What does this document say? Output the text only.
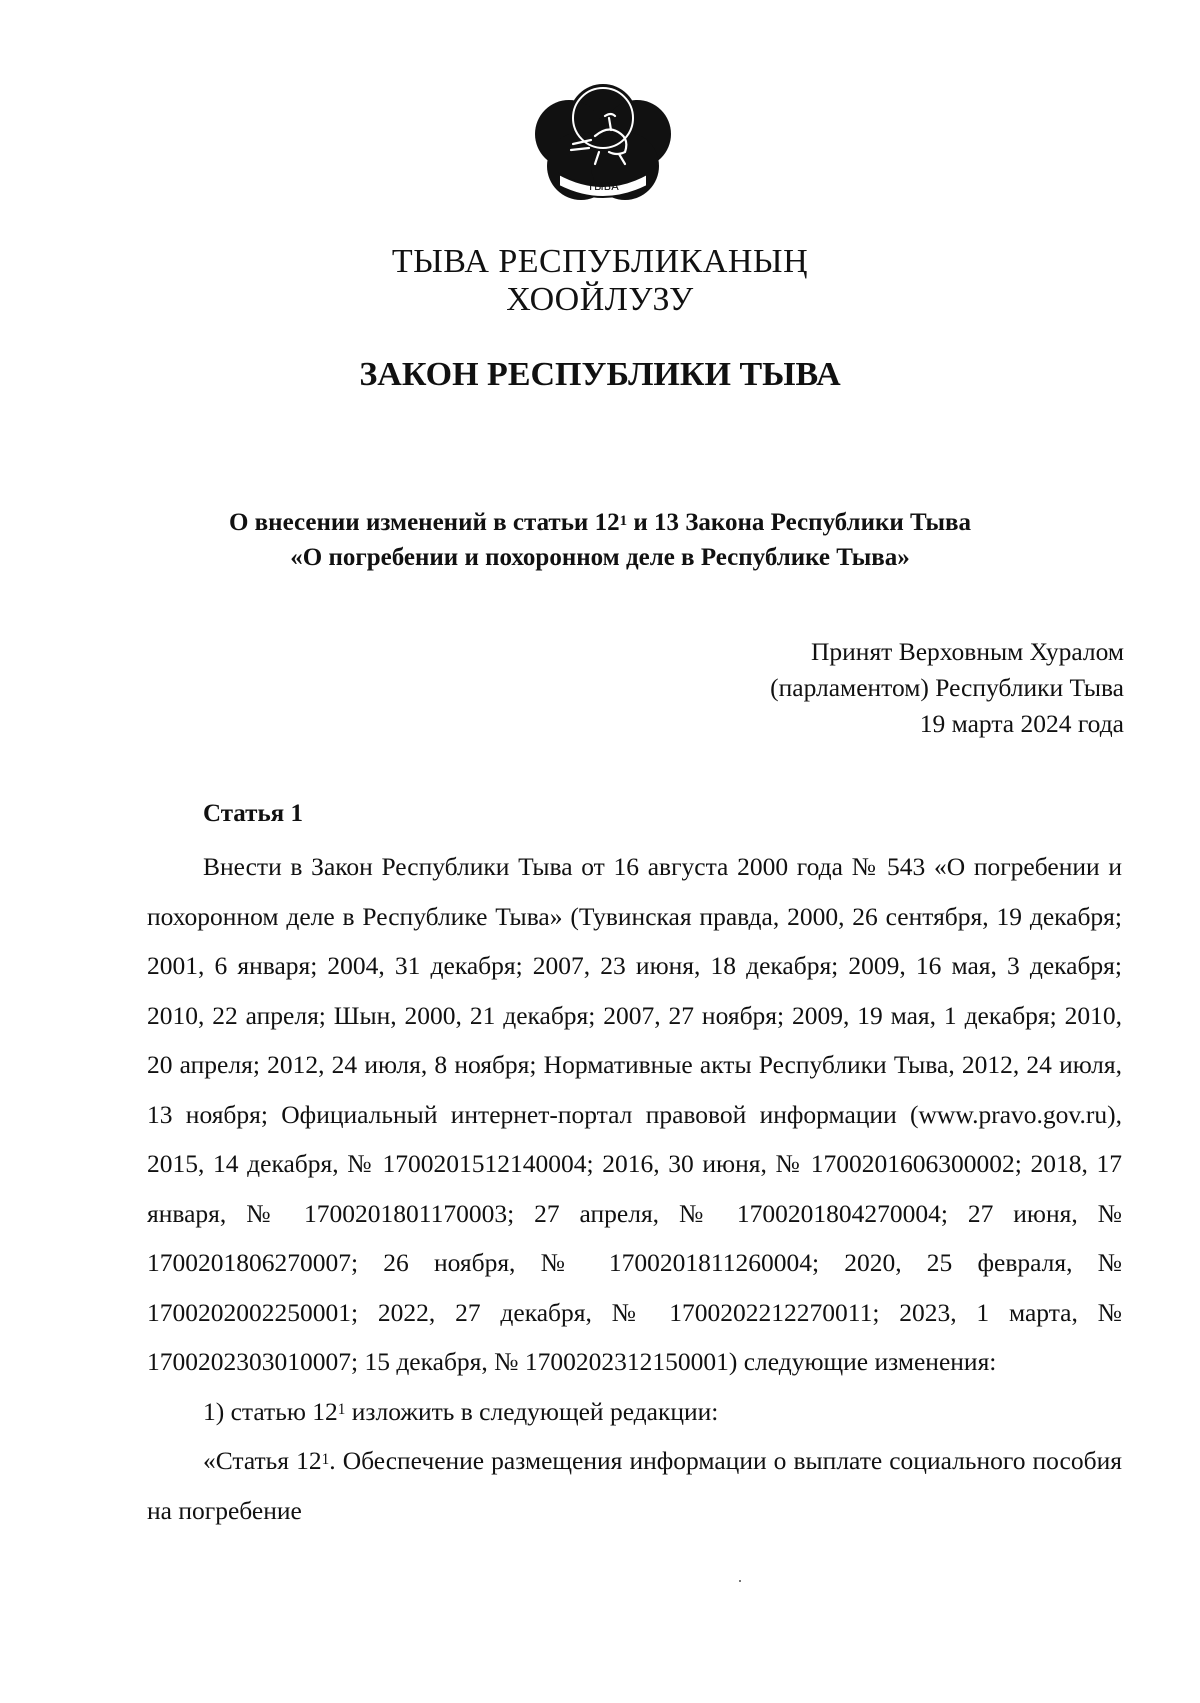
ТЫВА
ТЫВА РЕСПУБЛИКАНЫҢ
ХООЙЛУЗУ
ЗАКОН РЕСПУБЛИКИ ТЫВА
О внесении изменений в статьи $12^1$ и 13 Закона Республики Тыва
«О погребении и похоронном деле в Республике Тыва»
Принят Верховным Хуралом
(парламентом) Республики Тыва
19 марта 2024 года
Статья 1

Внести в Закон Республики Тыва от 16 августа 2000 года № 543 «О погребении и похоронном деле в Республике Тыва» (Тувинская правда, 2000, 26 сентября, 19 декабря; 2001, 6 января; 2004, 31 декабря; 2007, 23 июня, 18 декабря; 2009, 16 мая, 3 декабря; 2010, 22 апреля; Шын, 2000, 21 декабря; 2007, 27 ноября; 2009, 19 мая, 1 декабря; 2010, 20 апреля; 2012, 24 июля, 8 ноября; Нормативные акты Республики Тыва, 2012, 24 июля, 13 ноября; Официальный интернет-портал правовой информации (www.pravo.gov.ru), 2015, 14 декабря, № 1700201512140004; 2016, 30 июня, № 1700201606300002; 2018, 17 января, № 1700201801170003; 27 апреля, № 1700201804270004; 27 июня, № 1700201806270007; 26 ноября, № 1700201811260004; 2020, 25 февраля, № 1700202002250001; 2022, 27 декабря, № 1700202212270011; 2023, 1 марта, № 1700202303010007; 15 декабря, № 1700202312150001) следующие изменения:

1) статью $12^1$ изложить в следующей редакции:

«Статья $12^1$. Обеспечение размещения информации о выплате социального пособия на погребение
